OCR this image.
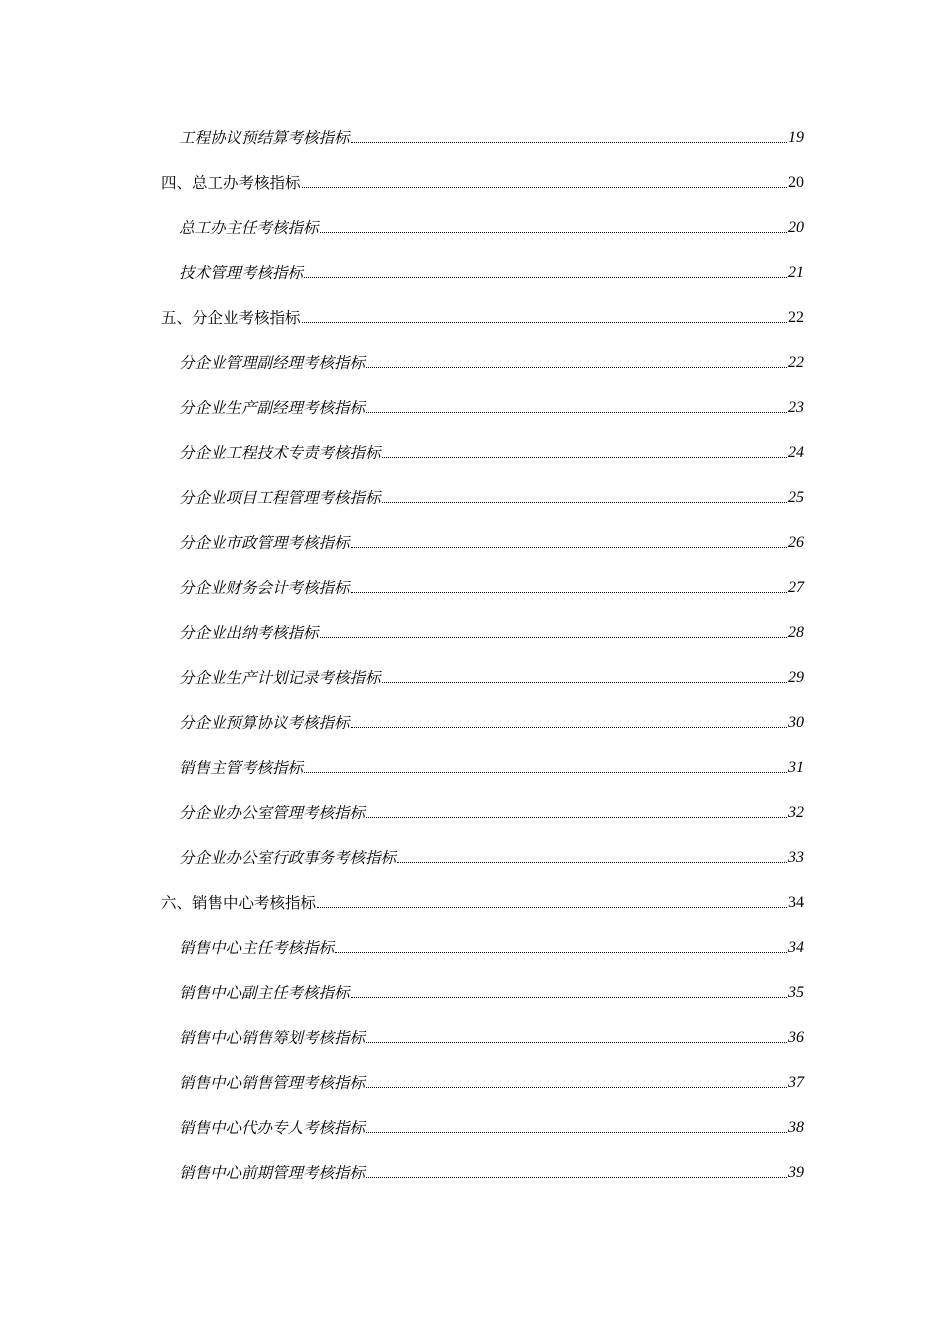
工程协议预结算考核指标	19
四、总工办考核指标	20
总工办主任考核指标	20
技术管理考核指标	21
五、分企业考核指标	22
分企业管理副经理考核指标	22
分企业生产副经理考核指标	23
分企业工程技术专责考核指标	24
分企业项目工程管理考核指标	25
分企业市政管理考核指标	26
分企业财务会计考核指标	27
分企业出纳考核指标	28
分企业生产计划记录考核指标	29
分企业预算协议考核指标	30
销售主管考核指标	31
分企业办公室管理考核指标	32
分企业办公室行政事务考核指标	33
六、销售中心考核指标	34
销售中心主任考核指标	34
销售中心副主任考核指标	35
销售中心销售筹划考核指标	36
销售中心销售管理考核指标	37
销售中心代办专人考核指标	38
销售中心前期管理考核指标	39
